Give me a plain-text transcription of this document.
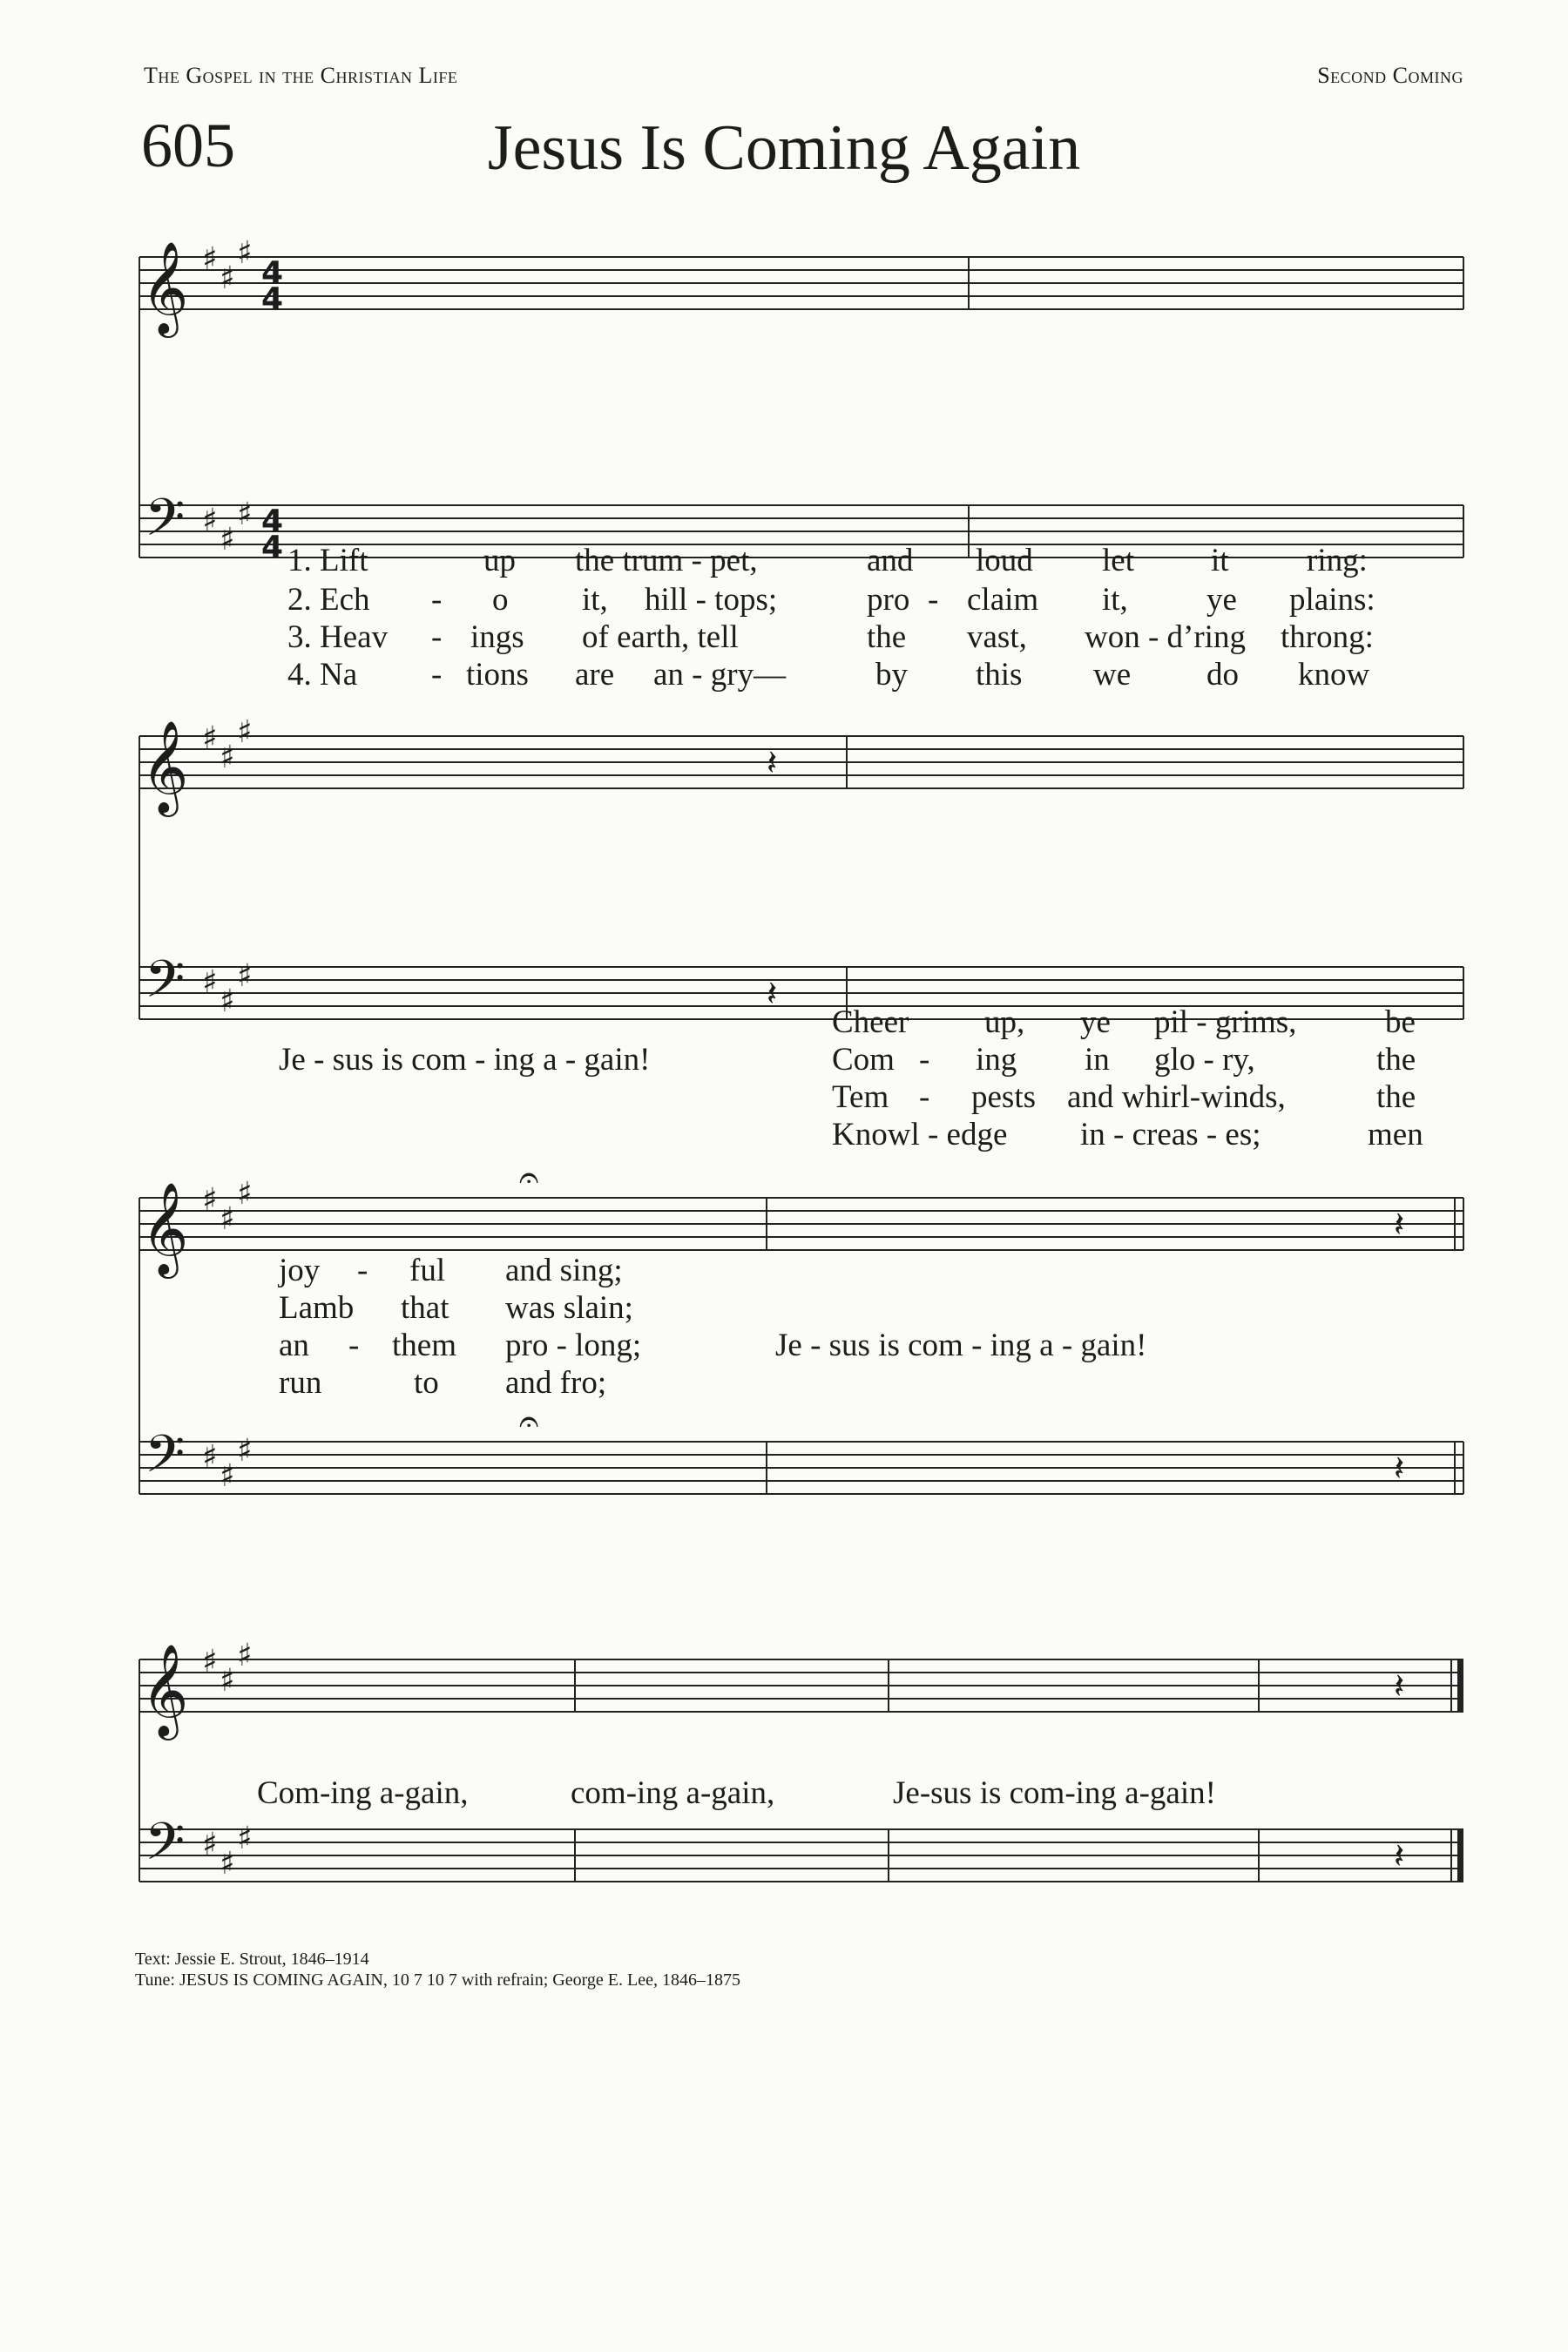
The Gospel in the Christian Life	Second Coming
605	Jesus Is Coming Again
𝄞 ♯
♯
♯
4
4
𝄢 ♯
♯
♯ 4
4 1. Lift	up the trum - pet,	and loud let it ring:
2. Ech - o it, hill - tops;	pro - claim it, ye plains:
3. Heav - ings of earth, tell	the vast, won - d’ring throng:
4. Na - tions are an - gry—	by this we do know
𝄞 ♯
♯
♯
𝄽
𝄢 ♯
♯
♯	𝄽
Cheer up, ye pil - grims,	be
Je - sus is com - ing a - gain!	Com - ing in glo - ry,	the
Tem - pests and whirl-winds,	the
Knowl - edge in - creas - es;	men
𝄞 ♯
♯
♯
𝄽
𝄐
𝄢 ♯
♯
♯	𝄽
𝄐
joy - ful and sing;
Lamb that was slain;
an - them pro - long;	Je - sus is com - ing a - gain!
run	to and fro;
𝄞 ♯
♯
♯
𝄽
𝄢 ♯
♯
♯	𝄽
Com-ing a-gain,	com-ing a-gain,	Je-sus is com-ing a-gain!
Text: Jessie E. Strout, 1846–1914
Tune: JESUS IS COMING AGAIN, 10 7 10 7 with refrain; George E. Lee, 1846–1875
